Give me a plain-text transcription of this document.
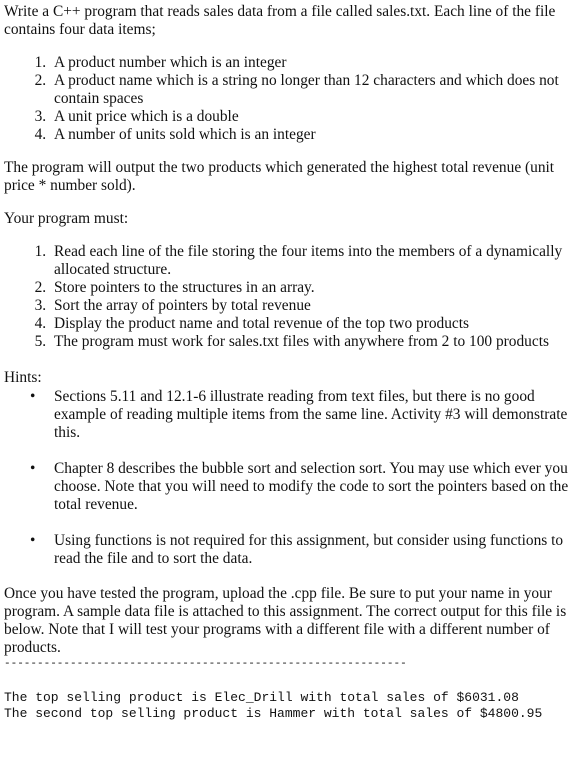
Write a C++ program that reads sales data from a file called sales.txt. Each line of the file contains four data items;

1. A product number which is an integer
2. A product name which is a string no longer than 12 characters and which does not contain spaces
3. A unit price which is a double
4. A number of units sold which is an integer

The program will output the two products which generated the highest total revenue (unit price * number sold).

Your program must:

1. Read each line of the file storing the four items into the members of a dynamically allocated structure.
2. Store pointers to the structures in an array.
3. Sort the array of pointers by total revenue
4. Display the product name and total revenue of the top two products
5. The program must work for sales.txt files with anywhere from 2 to 100 products

Hints:

• Sections 5.11 and 12.1-6 illustrate reading from text files, but there is no good example of reading multiple items from the same line. Activity #3 will demonstrate this.
• Chapter 8 describes the bubble sort and selection sort. You may use which ever you choose. Note that you will need to modify the code to sort the pointers based on the total revenue.
• Using functions is not required for this assignment, but consider using functions to read the file and to sort the data.

Once you have tested the program, upload the .cpp file. Be sure to put your name in your program. A sample data file is attached to this assignment. The correct output for this file is below. Note that I will test your programs with a different file with a different number of products.

-------------------------------------------------------------
The top selling product is Elec_Drill with total sales of $6031.08
The second top selling product is Hammer with total sales of $4800.95
